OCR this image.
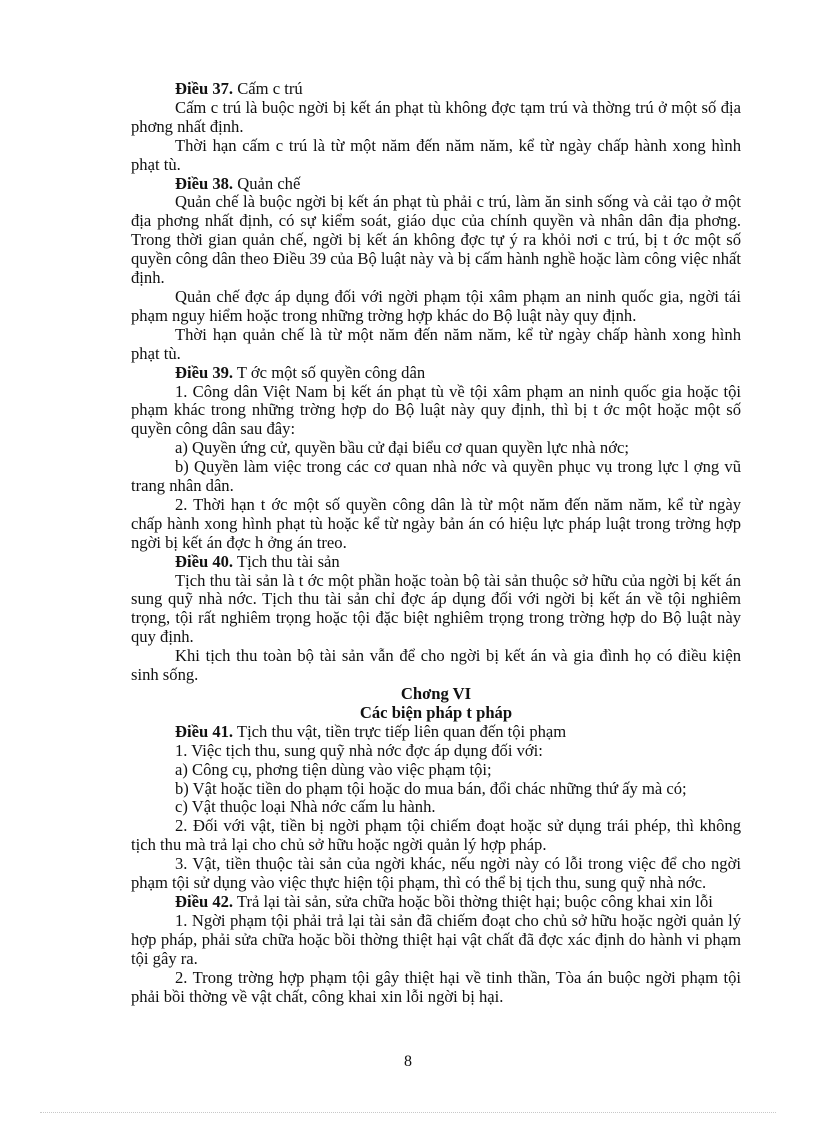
Điều 37. Cấm c trú

Cấm c trú là buộc ngời bị kết án phạt tù không đợc tạm trú và thờng trú ở một số địa phơng nhất định.

Thời hạn cấm c trú là từ một năm đến năm năm, kể từ ngày chấp hành xong hình phạt tù.

Điều 38. Quản chế

Quản chế là buộc ngời bị kết án phạt tù phải c trú, làm ăn sinh sống và cải tạo ở một địa phơng nhất định, có sự kiểm soát, giáo dục của chính quyền và nhân dân địa phơng. Trong thời gian quản chế, ngời bị kết án không đợc tự ý ra khỏi nơi c trú, bị t ớc một số quyền công dân theo Điều 39 của Bộ luật này và bị cấm hành nghề hoặc làm công việc nhất định.

Quản chế đợc áp dụng đối với ngời phạm tội xâm phạm an ninh quốc gia, ngời tái phạm nguy hiểm hoặc trong những trờng hợp khác do Bộ luật này quy định.

Thời hạn quản chế là từ một năm đến năm năm, kể từ ngày chấp hành xong hình phạt tù.

Điều 39. T ớc một số quyền công dân

1. Công dân Việt Nam bị kết án phạt tù về tội xâm phạm an ninh quốc gia hoặc tội phạm khác trong những trờng hợp do Bộ luật này quy định, thì bị t ớc một hoặc một số quyền công dân sau đây:

a) Quyền ứng cử, quyền bầu cử đại biểu cơ quan quyền lực nhà nớc;

b) Quyền làm việc trong các cơ quan nhà nớc và quyền phục vụ trong lực l ợng vũ trang nhân dân.

2. Thời hạn t ớc một số quyền công dân là từ một năm đến năm năm, kể từ ngày chấp hành xong hình phạt tù hoặc kể từ ngày bản án có hiệu lực pháp luật trong trờng hợp ngời bị kết án đợc h ởng án treo.

Điều 40. Tịch thu tài sản

Tịch thu tài sản là t ớc một phần hoặc toàn bộ tài sản thuộc sở hữu của ngời bị kết án sung quỹ nhà nớc. Tịch thu tài sản chỉ đợc áp dụng đối với ngời bị kết án về tội nghiêm trọng, tội rất nghiêm trọng hoặc tội đặc biệt nghiêm trọng trong trờng hợp do Bộ luật này quy định.

Khi tịch thu toàn bộ tài sản vẫn để cho ngời bị kết án và gia đình họ có điều kiện sinh sống.

Chơng VI

Các biện pháp t pháp

Điều 41. Tịch thu vật, tiền trực tiếp liên quan đến tội phạm

1. Việc tịch thu, sung quỹ nhà nớc đợc áp dụng đối với:

a) Công cụ, phơng tiện dùng vào việc phạm tội;

b) Vật hoặc tiền do phạm tội hoặc do mua bán, đổi chác những thứ ấy mà có;

c) Vật thuộc loại Nhà nớc cấm lu hành.

2. Đối với vật, tiền bị ngời phạm tội chiếm đoạt hoặc sử dụng trái phép, thì không tịch thu mà trả lại cho chủ sở hữu hoặc ngời quản lý hợp pháp.

3. Vật, tiền thuộc tài sản của ngời khác, nếu ngời này có lỗi trong việc để cho ngời phạm tội sử dụng vào việc thực hiện tội phạm, thì có thể bị tịch thu, sung quỹ nhà nớc.

Điều 42. Trả lại tài sản, sửa chữa hoặc bồi thờng thiệt hại; buộc công khai xin lỗi

1. Ngời phạm tội phải trả lại tài sản đã chiếm đoạt cho chủ sở hữu hoặc ngời quản lý hợp pháp, phải sửa chữa hoặc bồi thờng thiệt hại vật chất đã đợc xác định do hành vi phạm tội gây ra.

2. Trong trờng hợp phạm tội gây thiệt hại về tinh thần, Tòa án buộc ngời phạm tội phải bồi thờng về vật chất, công khai xin lỗi ngời bị hại.

8
